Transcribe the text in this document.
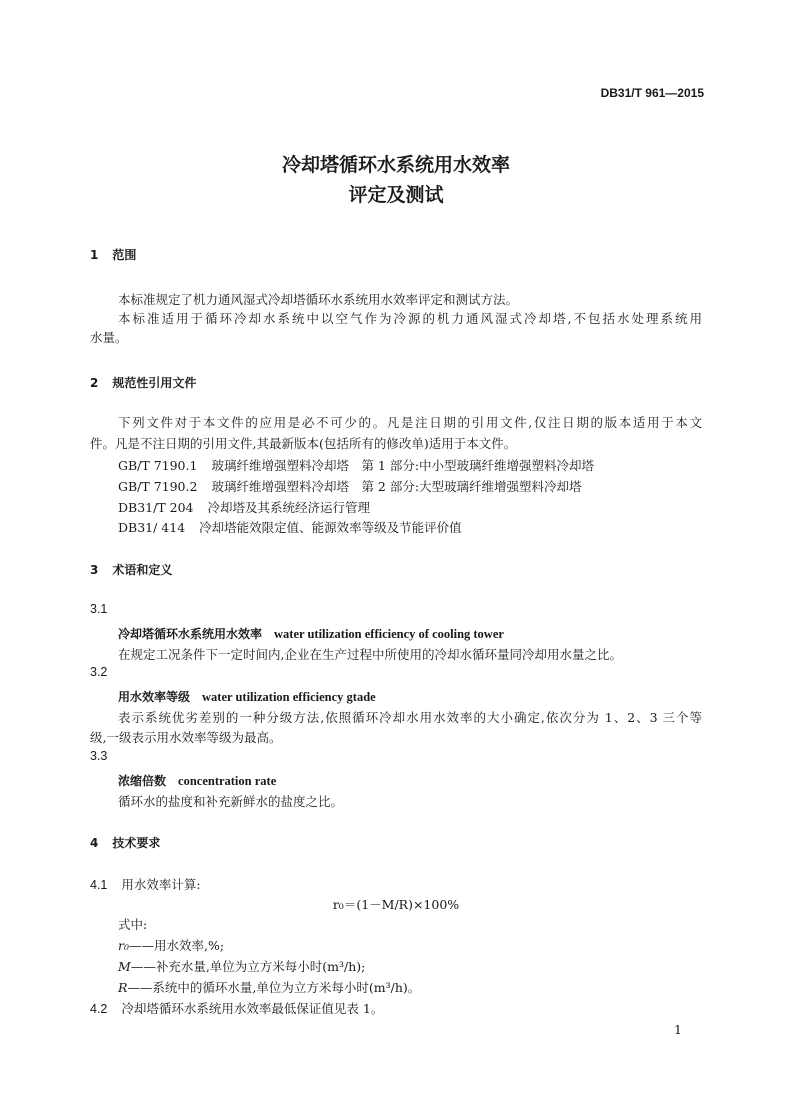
DB31/T 961—2015
冷却塔循环水系统用水效率
评定及测试
1 范围
本标准规定了机力通风湿式冷却塔循环水系统用水效率评定和测试方法。
本标准适用于循环冷却水系统中以空气作为冷源的机力通风湿式冷却塔,不包括水处理系统用
水量。
2 规范性引用文件
下列文件对于本文件的应用是必不可少的。凡是注日期的引用文件,仅注日期的版本适用于本文
件。凡是不注日期的引用文件,其最新版本(包括所有的修改单)适用于本文件。
GB/T 7190.1 玻璃纤维增强塑料冷却塔　第 1 部分:中小型玻璃纤维增强塑料冷却塔
GB/T 7190.2 玻璃纤维增强塑料冷却塔　第 2 部分:大型玻璃纤维增强塑料冷却塔
DB31/T 204 冷却塔及其系统经济运行管理
DB31/ 414 冷却塔能效限定值、能源效率等级及节能评价值
3 术语和定义
3.1
冷却塔循环水系统用水效率 water utilization efficiency of cooling tower
在规定工况条件下一定时间内,企业在生产过程中所使用的冷却水循环量同冷却用水量之比。
3.2
用水效率等级 water utilization efficiency gtade
表示系统优劣差别的一种分级方法,依照循环冷却水用水效率的大小确定,依次分为 1、2、3 三个等
级,一级表示用水效率等级为最高。
3.3
浓缩倍数 concentration rate
循环水的盐度和补充新鲜水的盐度之比。
4 技术要求
4.1 用水效率计算:
r₀＝(1－M/R)×100%
式中:
r₀——用水效率,%;
M——补充水量,单位为立方米每小时(m³/h);
R——系统中的循环水量,单位为立方米每小时(m³/h)。
4.2 冷却塔循环水系统用水效率最低保证值见表 1。
1
